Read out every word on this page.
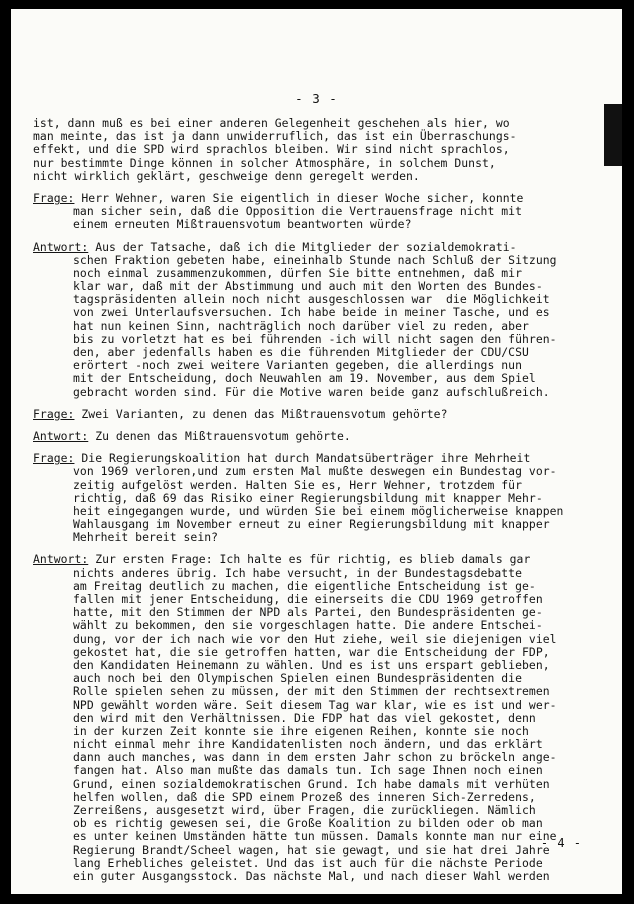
- 3 -
ist, dann muß es bei einer anderen Gelegenheit geschehen als hier, wo
man meinte, das ist ja dann unwiderruflich, das ist ein Überraschungs-
effekt, und die SPD wird sprachlos bleiben. Wir sind nicht sprachlos,
nur bestimmte Dinge können in solcher Atmosphäre, in solchem Dunst,
nicht wirklich geklärt, geschweige denn geregelt werden.
Frage: Herr Wehner, waren Sie eigentlich in dieser Woche sicher, konnte
man sicher sein, daß die Opposition die Vertrauensfrage nicht mit
einem erneuten Mißtrauensvotum beantworten würde?
Antwort: Aus der Tatsache, daß ich die Mitglieder der sozialdemokrati-
schen Fraktion gebeten habe, eineinhalb Stunde nach Schluß der Sitzung
noch einmal zusammenzukommen, dürfen Sie bitte entnehmen, daß mir
klar war, daß mit der Abstimmung und auch mit den Worten des Bundes-
tagspräsidenten allein noch nicht ausgeschlossen war  die Möglichkeit
von zwei Unterlaufsversuchen. Ich habe beide in meiner Tasche, und es
hat nun keinen Sinn, nachträglich noch darüber viel zu reden, aber
bis zu vorletzt hat es bei führenden -ich will nicht sagen den führen-
den, aber jedenfalls haben es die führenden Mitglieder der CDU/CSU
erörtert -noch zwei weitere Varianten gegeben, die allerdings nun
mit der Entscheidung, doch Neuwahlen am 19. November, aus dem Spiel
gebracht worden sind. Für die Motive waren beide ganz aufschlußreich.
Frage: Zwei Varianten, zu denen das Mißtrauensvotum gehörte?
Antwort: Zu denen das Mißtrauensvotum gehörte.
Frage: Die Regierungskoalition hat durch Mandatsüberträger ihre Mehrheit
von 1969 verloren,und zum ersten Mal mußte deswegen ein Bundestag vor-
zeitig aufgelöst werden. Halten Sie es, Herr Wehner, trotzdem für
richtig, daß 69 das Risiko einer Regierungsbildung mit knapper Mehr-
heit eingegangen wurde, und würden Sie bei einem möglicherweise knappen
Wahlausgang im November erneut zu einer Regierungsbildung mit knapper
Mehrheit bereit sein?
Antwort: Zur ersten Frage: Ich halte es für richtig, es blieb damals gar
nichts anderes übrig. Ich habe versucht, in der Bundestagsdebatte
am Freitag deutlich zu machen, die eigentliche Entscheidung ist ge-
fallen mit jener Entscheidung, die einerseits die CDU 1969 getroffen
hatte, mit den Stimmen der NPD als Partei, den Bundespräsidenten ge-
wählt zu bekommen, den sie vorgeschlagen hatte. Die andere Entschei-
dung, vor der ich nach wie vor den Hut ziehe, weil sie diejenigen viel
gekostet hat, die sie getroffen hatten, war die Entscheidung der FDP,
den Kandidaten Heinemann zu wählen. Und es ist uns erspart geblieben,
auch noch bei den Olympischen Spielen einen Bundespräsidenten die
Rolle spielen sehen zu müssen, der mit den Stimmen der rechtsextremen
NPD gewählt worden wäre. Seit diesem Tag war klar, wie es ist und wer-
den wird mit den Verhältnissen. Die FDP hat das viel gekostet, denn
in der kurzen Zeit konnte sie ihre eigenen Reihen, konnte sie noch
nicht einmal mehr ihre Kandidatenlisten noch ändern, und das erklärt
dann auch manches, was dann in dem ersten Jahr schon zu bröckeln ange-
fangen hat. Also man mußte das damals tun. Ich sage Ihnen noch einen
Grund, einen sozialdemokratischen Grund. Ich habe damals mit verhüten
helfen wollen, daß die SPD einem Prozeß des inneren Sich-Zerredens,
Zerreißens, ausgesetzt wird, über Fragen, die zurückliegen. Nämlich
ob es richtig gewesen sei, die Große Koalition zu bilden oder ob man
es unter keinen Umständen hätte tun müssen. Damals konnte man nur eine
Regierung Brandt/Scheel wagen, hat sie gewagt, und sie hat drei Jahre
lang Erhebliches geleistet. Und das ist auch für die nächste Periode
ein guter Ausgangsstock. Das nächste Mal, und nach dieser Wahl werden
- 4 -
